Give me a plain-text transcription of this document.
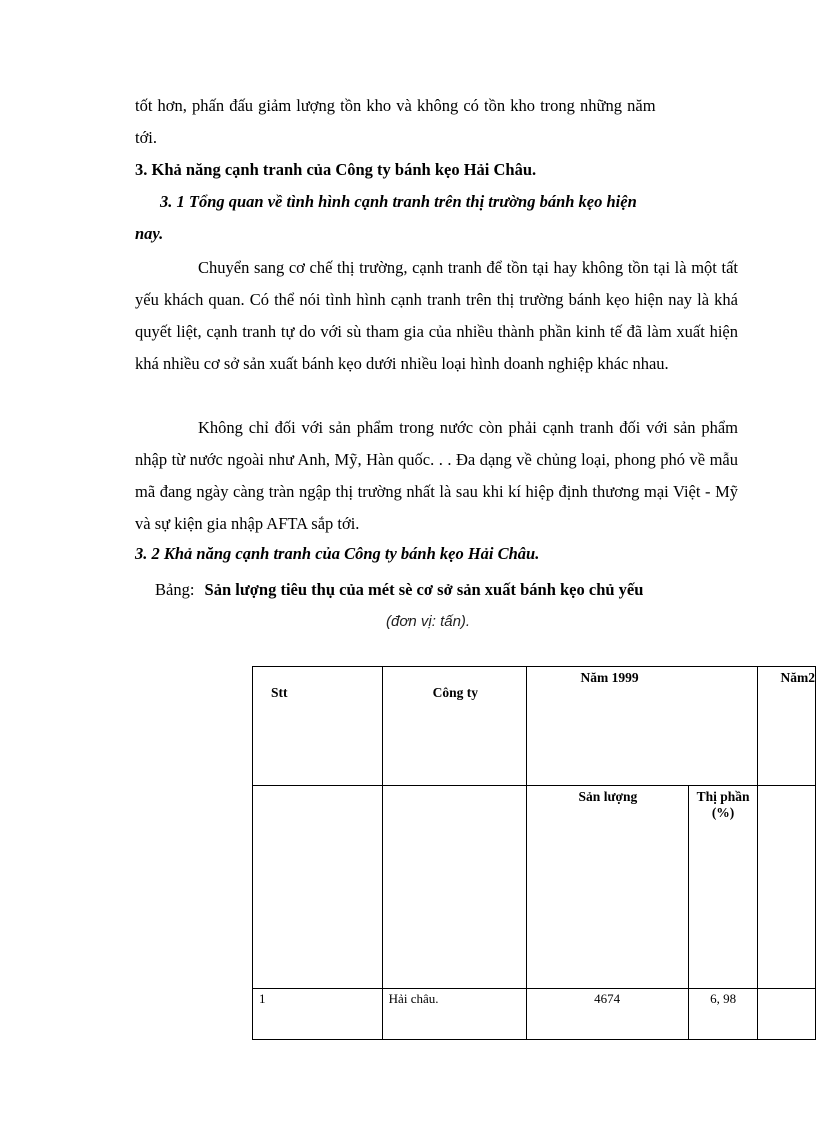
tốt hơn, phấn đấu giảm lượng tồn kho và không có tồn kho trong những năm
tới.
3. Khả năng cạnh tranh của Công ty bánh kẹo Hải Châu.
3. 1 Tổng quan về tình hình cạnh tranh trên thị trường bánh kẹo hiện
nay.

Chuyển sang cơ chế thị trường, cạnh tranh để tồn tại hay không tồn tại là một tất yếu khách quan. Có thể nói tình hình cạnh tranh trên thị trường bánh kẹo hiện nay là khá quyết liệt, cạnh tranh tự do với sù tham gia của nhiều thành phần kinh tế đã làm xuất hiện khá nhiều cơ sở sản xuất bánh kẹo dưới nhiều loại hình doanh nghiệp khác nhau.

Không chỉ đối với sản phẩm trong nước còn phải cạnh tranh đối với sản phẩm nhập từ nước ngoài như Anh, Mỹ, Hàn quốc. . . Đa dạng về chủng loại, phong phó về mẫu mã đang ngày càng tràn ngập thị trường nhất là sau khi kí hiệp định thương mại Việt - Mỹ và sự kiện gia nhập AFTA sắp tới.

3. 2 Khả năng cạnh tranh của Công ty bánh kẹo Hải Châu.
Bảng: Sản lượng tiêu thụ của mét sè cơ sở sản xuất bánh kẹo chủ yếu
(đơn vị: tấn).
Stt	Công ty	Năm 1999		Năm2

		Sản lượng	Thị phần
(%)	

1	Hải châu.	4674	6, 98	
